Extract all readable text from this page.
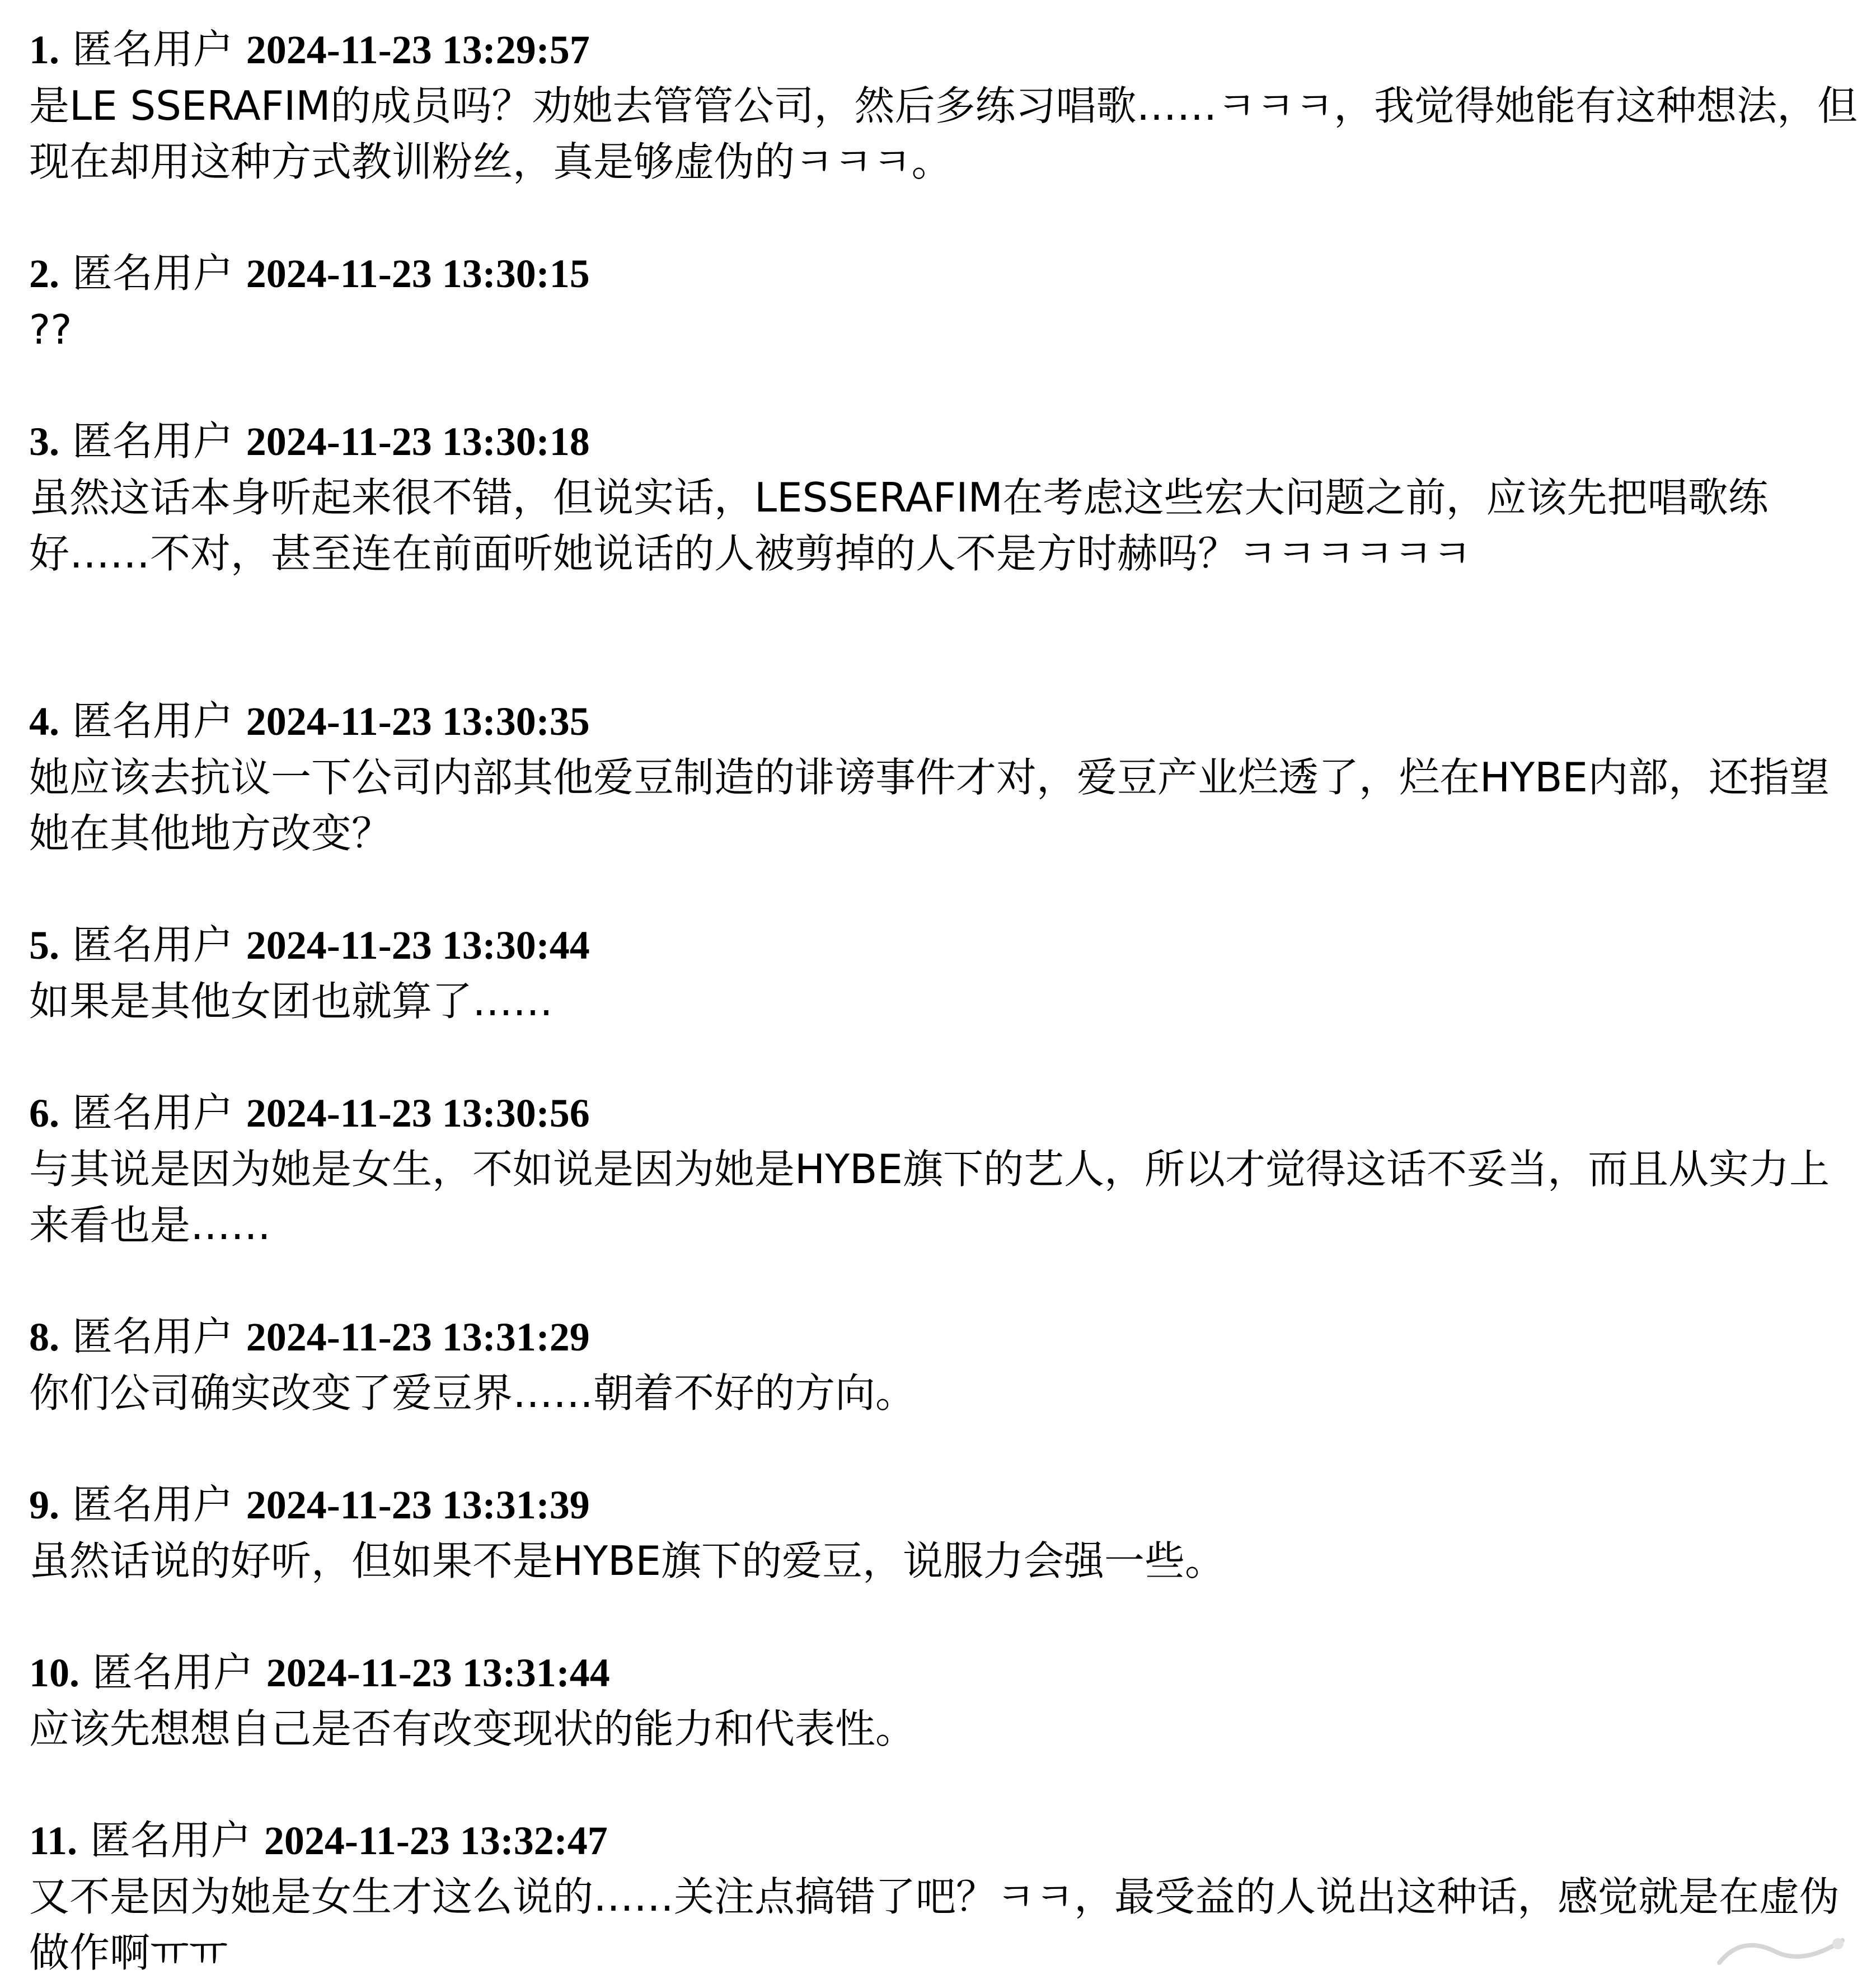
1. 匿名用户 2024-11-23 13:29:57
是LE SSERAFIM的成员吗？劝她去管管公司，然后多练习唱歌……ㅋㅋㅋ，我觉得她能有这种想法，但现在却用这种方式教训粉丝，真是够虚伪的ㅋㅋㅋ。
2. 匿名用户 2024-11-23 13:30:15
??
3. 匿名用户 2024-11-23 13:30:18
虽然这话本身听起来很不错，但说实话，LESSERAFIM在考虑这些宏大问题之前，应该先把唱歌练好……不对，甚至连在前面听她说话的人被剪掉的人不是方时赫吗？ㅋㅋㅋㅋㅋㅋ
4. 匿名用户 2024-11-23 13:30:35
她应该去抗议一下公司内部其他爱豆制造的诽谤事件才对，爱豆产业烂透了，烂在HYBE内部，还指望她在其他地方改变？
5. 匿名用户 2024-11-23 13:30:44
如果是其他女团也就算了……
6. 匿名用户 2024-11-23 13:30:56
与其说是因为她是女生，不如说是因为她是HYBE旗下的艺人，所以才觉得这话不妥当，而且从实力上来看也是……
8. 匿名用户 2024-11-23 13:31:29
你们公司确实改变了爱豆界……朝着不好的方向。
9. 匿名用户 2024-11-23 13:31:39
虽然话说的好听，但如果不是HYBE旗下的爱豆，说服力会强一些。
10. 匿名用户 2024-11-23 13:31:44
应该先想想自己是否有改变现状的能力和代表性。
11. 匿名用户 2024-11-23 13:32:47
又不是因为她是女生才这么说的……关注点搞错了吧？ㅋㅋ，最受益的人说出这种话，感觉就是在虚伪做作啊ㅠㅠ
